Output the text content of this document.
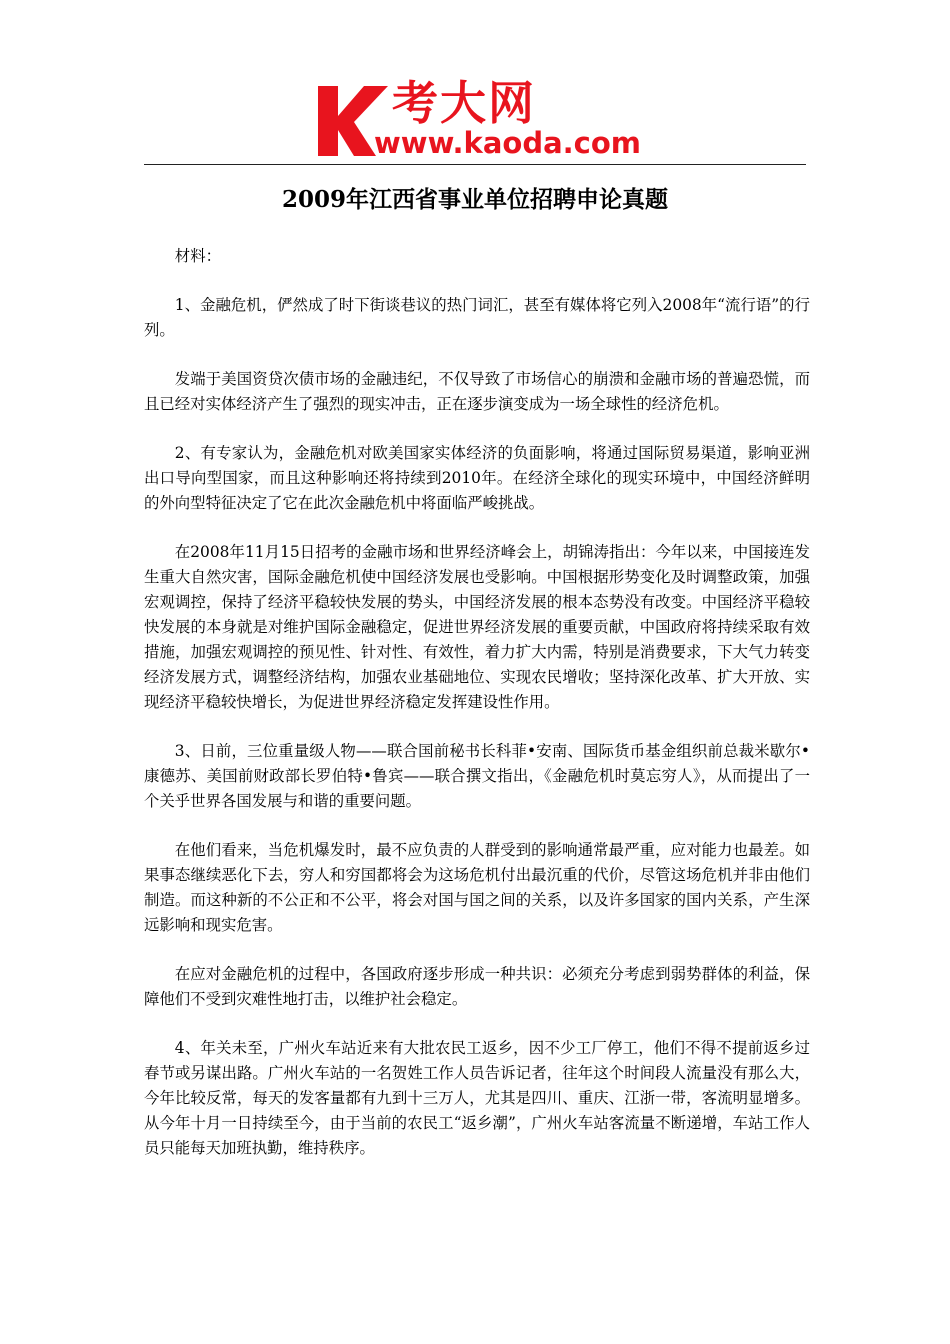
考大网
www.kaoda.com
2009年江西省事业单位招聘申论真题

材料：

1、金融危机，俨然成了时下街谈巷议的热门词汇，甚至有媒体将它列入2008年“流行语”的行列。

发端于美国资贷次债市场的金融违纪，不仅导致了市场信心的崩溃和金融市场的普遍恐慌，而且已经对实体经济产生了强烈的现实冲击，正在逐步演变成为一场全球性的经济危机。

2、有专家认为，金融危机对欧美国家实体经济的负面影响，将通过国际贸易渠道，影响亚洲出口导向型国家，而且这种影响还将持续到2010年。在经济全球化的现实环境中，中国经济鲜明的外向型特征决定了它在此次金融危机中将面临严峻挑战。

在2008年11月15日招考的金融市场和世界经济峰会上，胡锦涛指出：今年以来，中国接连发生重大自然灾害，国际金融危机使中国经济发展也受影响。中国根据形势变化及时调整政策，加强宏观调控，保持了经济平稳较快发展的势头，中国经济发展的根本态势没有改变。中国经济平稳较快发展的本身就是对维护国际金融稳定，促进世界经济发展的重要贡献，中国政府将持续采取有效措施，加强宏观调控的预见性、针对性、有效性，着力扩大内需，特别是消费要求，下大气力转变经济发展方式，调整经济结构，加强农业基础地位、实现农民增收；坚持深化改革、扩大开放、实现经济平稳较快增长，为促进世界经济稳定发挥建设性作用。

3、日前，三位重量级人物——联合国前秘书长科菲•安南、国际货币基金组织前总裁米歇尔•康德苏、美国前财政部长罗伯特•鲁宾——联合撰文指出，《金融危机时莫忘穷人》，从而提出了一个关乎世界各国发展与和谐的重要问题。

在他们看来，当危机爆发时，最不应负责的人群受到的影响通常最严重，应对能力也最差。如果事态继续恶化下去，穷人和穷国都将会为这场危机付出最沉重的代价，尽管这场危机并非由他们制造。而这种新的不公正和不公平，将会对国与国之间的关系，以及许多国家的国内关系，产生深远影响和现实危害。

在应对金融危机的过程中，各国政府逐步形成一种共识：必须充分考虑到弱势群体的利益，保障他们不受到灾难性地打击，以维护社会稳定。

4、年关未至，广州火车站近来有大批农民工返乡，因不少工厂停工，他们不得不提前返乡过春节或另谋出路。广州火车站的一名贺姓工作人员告诉记者，往年这个时间段人流量没有那么大，今年比较反常，每天的发客量都有九到十三万人，尤其是四川、重庆、江浙一带，客流明显增多。从今年十月一日持续至今，由于当前的农民工“返乡潮”，广州火车站客流量不断递增，车站工作人员只能每天加班执勤，维持秩序。
